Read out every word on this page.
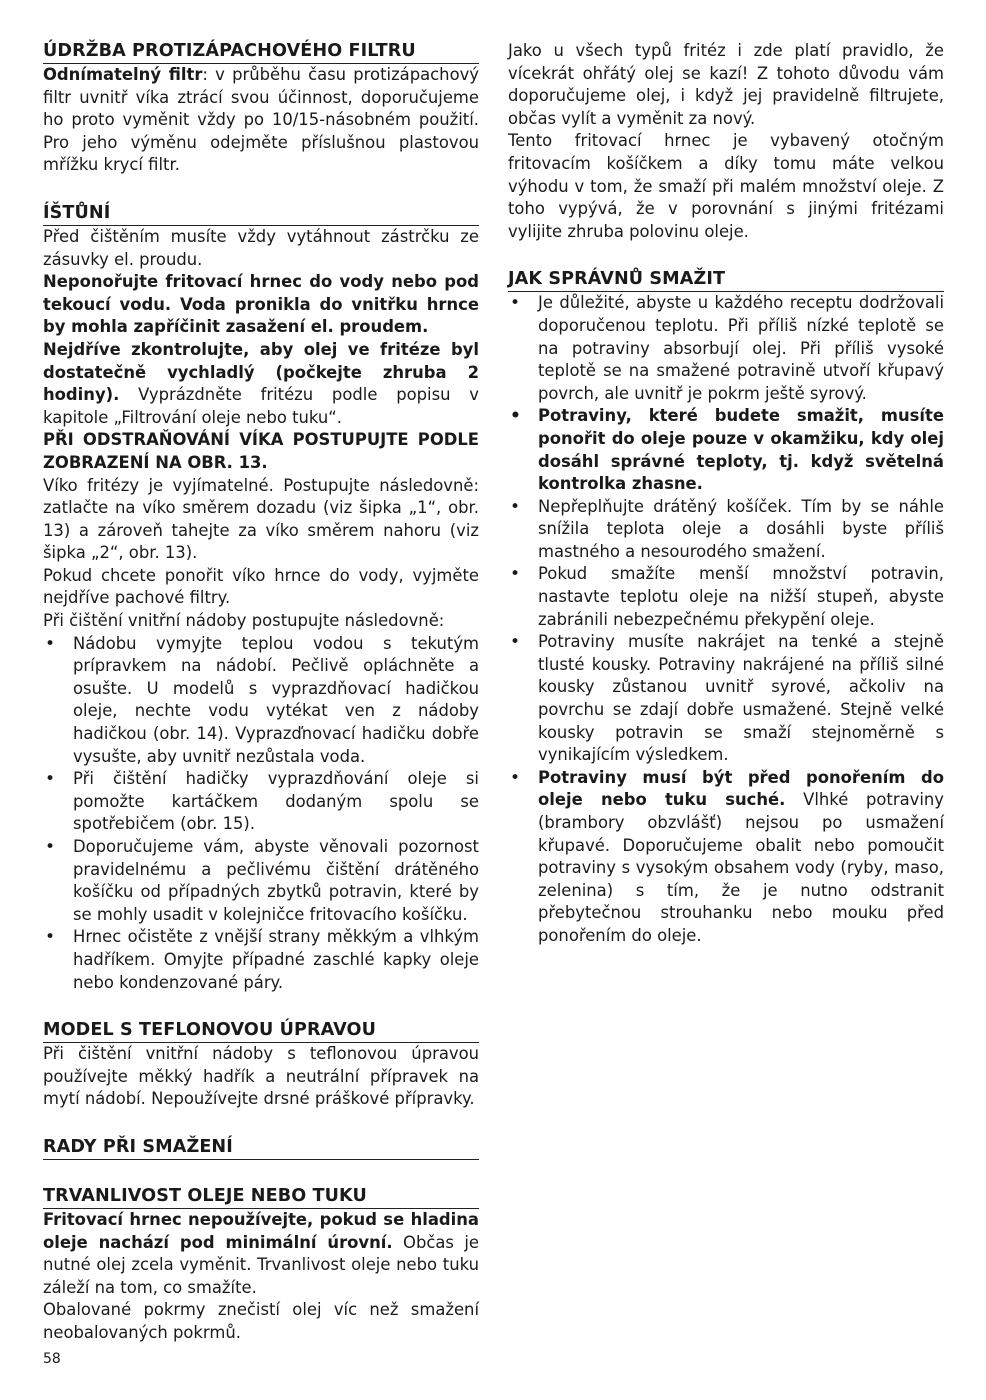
ÚDRŽBA PROTIZÁPACHOVÉHO FILTRU

Odnímatelný filtr: v průběhu času protizápachový filtr uvnitř víka ztrácí svou účinnost, doporučujeme ho proto vyměnit vždy po 10/15-násobném použití. Pro jeho výměnu odejměte příslušnou plastovou mřížku krycí filtr.

ÍŠTŮNÍ

Před čištěním musíte vždy vytáhnout zástrčku ze zásuvky el. proudu.

Neponořujte fritovací hrnec do vody nebo pod tekoucí vodu. Voda pronikla do vnitřku hrnce by mohla zapříčinit zasažení el. proudem.

Nejdříve zkontrolujte, aby olej ve fritéze byl dostatečně vychladlý (počkejte zhruba 2 hodiny). Vyprázdněte fritézu podle popisu v kapitole „Filtrování oleje nebo tuku“.

PŘI ODSTRAŇOVÁNÍ VÍKA POSTUPUJTE PODLE ZOBRAZENÍ NA OBR. 13.

Víko fritézy je vyjímatelné. Postupujte následovně: zatlačte na víko směrem dozadu (viz šipka „1“, obr. 13) a zároveň tahejte za víko směrem nahoru (viz šipka „2“, obr. 13).

Pokud chcete ponořit víko hrnce do vody, vyjměte nejdříve pachové filtry.

Při čištění vnitřní nádoby postupujte následovně:

• Nádobu vymyjte teplou vodou s tekutým prípravkem na nádobí. Pečlivě opláchněte a osušte. U modelů s vyprazdňovací hadičkou oleje, nechte vodu vytékat ven z nádoby hadičkou (obr. 14). Vyprazďnovací hadičku dobře vysušte, aby uvnitř nezůstala voda.
• Při čištění hadičky vyprazdňování oleje si pomožte kartáčkem dodaným spolu se spotřebičem (obr. 15).
• Doporučujeme vám, abyste věnovali pozornost pravidelnému a pečlivému čištění drátěného košíčku od případných zbytků potravin, které by se mohly usadit v kolejničce fritovacího košíčku.
• Hrnec očistěte z vnější strany měkkým a vlhkým hadříkem. Omyjte případné zaschlé kapky oleje nebo kondenzované páry.
MODEL S TEFLONOVOU ÚPRAVOU

Při čištění vnitřní nádoby s teflonovou úpravou používejte měkký hadřík a neutrální přípravek na mytí nádobí. Nepoužívejte drsné práškové přípravky.

RADY PŘI SMAŽENÍ
TRVANLIVOST OLEJE NEBO TUKU

Fritovací hrnec nepoužívejte, pokud se hladina oleje nachází pod minimální úrovní. Občas je nutné olej zcela vyměnit. Trvanlivost oleje nebo tuku záleží na tom, co smažíte.

Obalované pokrmy znečistí olej víc než smažení neobalovaných pokrmů.

Jako u všech typů fritéz i zde platí pravidlo, že vícekrát ohřátý olej se kazí! Z tohoto důvodu vám doporučujeme olej, i když jej pravidelně filtrujete, občas vylít a vyměnit za nový.

Tento fritovací hrnec je vybavený otočným fritovacím košíčkem a díky tomu máte velkou výhodu v tom, že smaží při malém množství oleje. Z toho vypývá, že v porovnání s jinými fritézami vylijite zhruba polovinu oleje.

JAK SPRÁVNŮ SMAŽIT
• Je důležité, abyste u každého receptu dodržovali doporučenou teplotu. Při příliš nízké teplotě se na potraviny absorbují olej. Při příliš vysoké teplotě se na smažené potravině utvoří křupavý povrch, ale uvnitř je pokrm ještě syrový.
• Potraviny, které budete smažit, musíte ponořit do oleje pouze v okamžiku, kdy olej dosáhl správné teploty, tj. když světelná kontrolka zhasne.
• Nepřeplňujte drátěný košíček. Tím by se náhle snížila teplota oleje a dosáhli byste příliš mastného a nesourodého smažení.
• Pokud smažíte menší množství potravin, nastavte teplotu oleje na nižší stupeň, abyste zabránili nebezpečnému překypění oleje.
• Potraviny musíte nakrájet na tenké a stejně tlusté kousky. Potraviny nakrájené na příliš silné kousky zůstanou uvnitř syrové, ačkoliv na povrchu se zdají dobře usmažené. Stejně velké kousky potravin se smaží stejnoměrně s vynikajícím výsledkem.
• Potraviny musí být před ponořením do oleje nebo tuku suché. Vlhké potraviny (brambory obzvlášť) nejsou po usmažení křupavé. Doporučujeme obalit nebo pomoučit potraviny s vysokým obsahem vody (ryby, maso, zelenina) s tím, že je nutno odstranit přebytečnou strouhanku nebo mouku před ponořením do oleje.
58
